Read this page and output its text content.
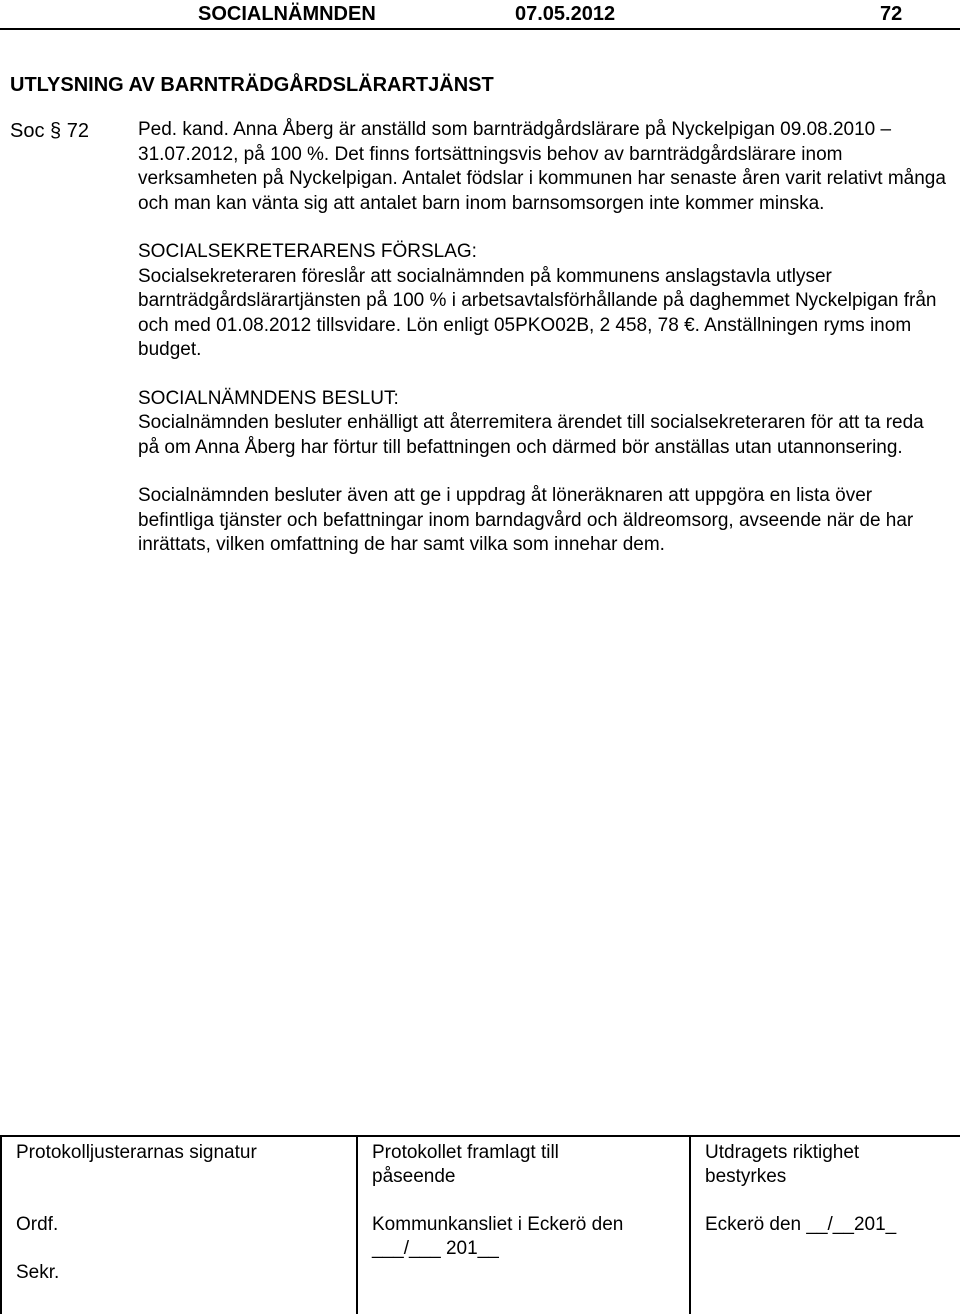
SOCIALNÄMNDEN	07.05.2012	72
UTLYSNING AV BARNTRÄDGÅRDSLÄRARTJÄNST
Soc § 72	Ped. kand. Anna Åberg är anställd som barnträdgårdslärare på Nyckelpigan 09.08.2010 – 31.07.2012, på 100 %. Det finns fortsättningsvis behov av barnträdgårdslärare inom verksamheten på Nyckelpigan. Antalet födslar i kommunen har senaste åren varit relativt många och man kan vänta sig att antalet barn inom barnsomsorgen inte kommer minska.

SOCIALSEKRETERARENS FÖRSLAG:
Socialsekreteraren föreslår att socialnämnden på kommunens anslagstavla utlyser barnträdgårdslärartjänsten på 100 % i arbetsavtalsförhållande på daghemmet Nyckelpigan från och med 01.08.2012 tillsvidare. Lön enligt 05PKO02B, 2 458, 78 €. Anställningen ryms inom budget.

SOCIALNÄMNDENS BESLUT:
Socialnämnden besluter enhälligt att återremitera ärendet till socialsekreteraren för att ta reda på om Anna Åberg har förtur till befattningen och därmed bör anställas utan utannonsering.

Socialnämnden besluter även att ge i uppdrag åt löneräknaren att uppgöra en lista över befintliga tjänster och befattningar inom barndagvård och äldreomsorg, avseende när de har inrättats, vilken omfattning de har samt vilka som innehar dem.

Protokolljusterarnas signatur
Ordf.
Sekr.
Protokollet framlagt till påseende
Kommunkansliet i Eckerö den ___/___ 201__
Utdragets riktighet bestyrkes
Eckerö den __/__201_
